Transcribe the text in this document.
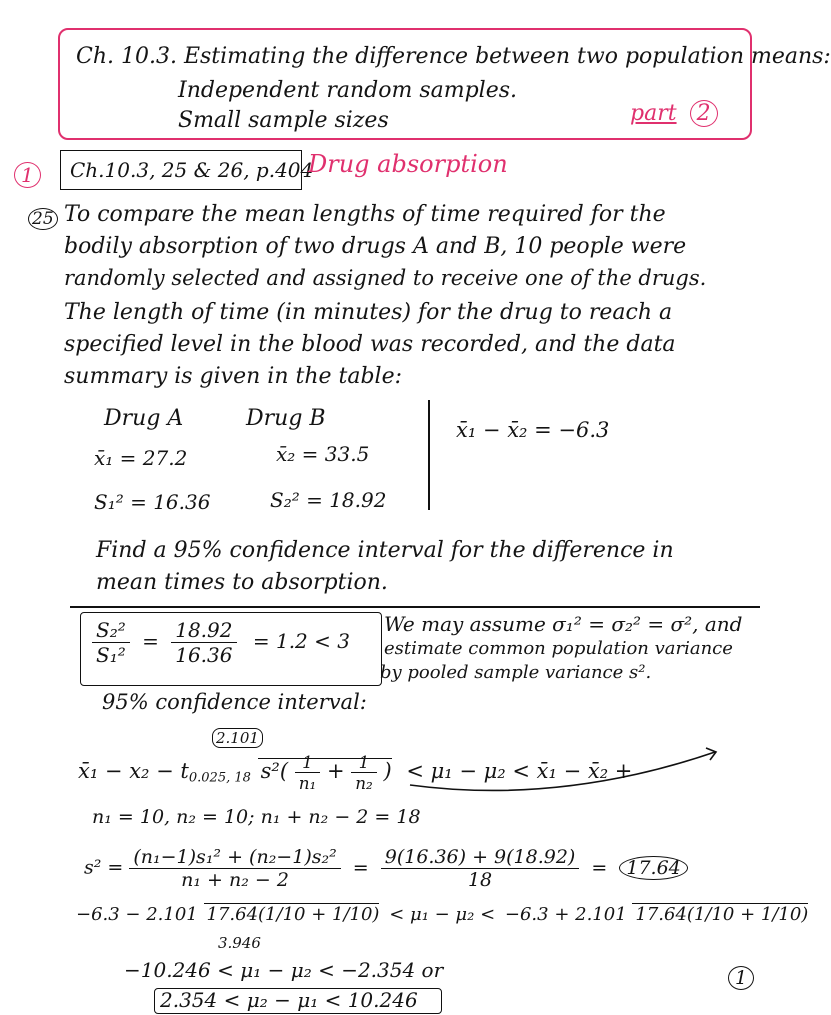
Ch. 10.3. Estimating the difference between two population means:
Independent random samples.
Small sample sizes	part 2
1	Ch.10.3, 25 & 26, p.404
Drug absorption
25 To compare the mean lengths of time required for the
bodily absorption of two drugs A and B, 10 people were
randomly selected and assigned to receive one of the drugs.
The length of time (in minutes) for the drug to reach a
specified level in the blood was recorded, and the data
summary is given in the table:
Drug A	Drug B
x̄₁ = 27.2	x̄₂ = 33.5
S₁² = 16.36	S₂² = 18.92
x̄₁ − x̄₂ = −6.3
Find a 95% confidence interval for the difference in
mean times to absorption.
$\frac{\text{S₂²}}{\text{S₁²}} = \frac{18.92}{16.36} = 1.2 < 3$
We may assume σ₁² = σ₂² = σ², and
estimate common population variance
by pooled sample variance s².
95% confidence interval:
2.101
x̄₁ − $x_2 - t_{0.025, 18}$ $s^2( \frac{1}{\text{n₁}} + \frac{1}{\text{n₂}}$ ) < μ₁ − μ₂ < x̄₁ − x̄₂ +
n₁ = 10, n₂ = 10; n₁ + n₂ − 2 = 18
$s^2 = \frac{\text{(n₁−1)s₁² + (n₂−1)s₂²}}{\text{n₁ + n₂ − 2}} = \frac{9(16.36) + 9(18.92)}{18} = 17.64$
−6.3 − 2.101 17.64(1/10 + 1/10) < μ₁ − μ₂ < −6.3 + 2.101 17.64(1/10 + 1/10)
3.946
−10.246 < μ₁ − μ₂ < −2.354 or
2.354 < μ₂ − μ₁ < 10.246
1
